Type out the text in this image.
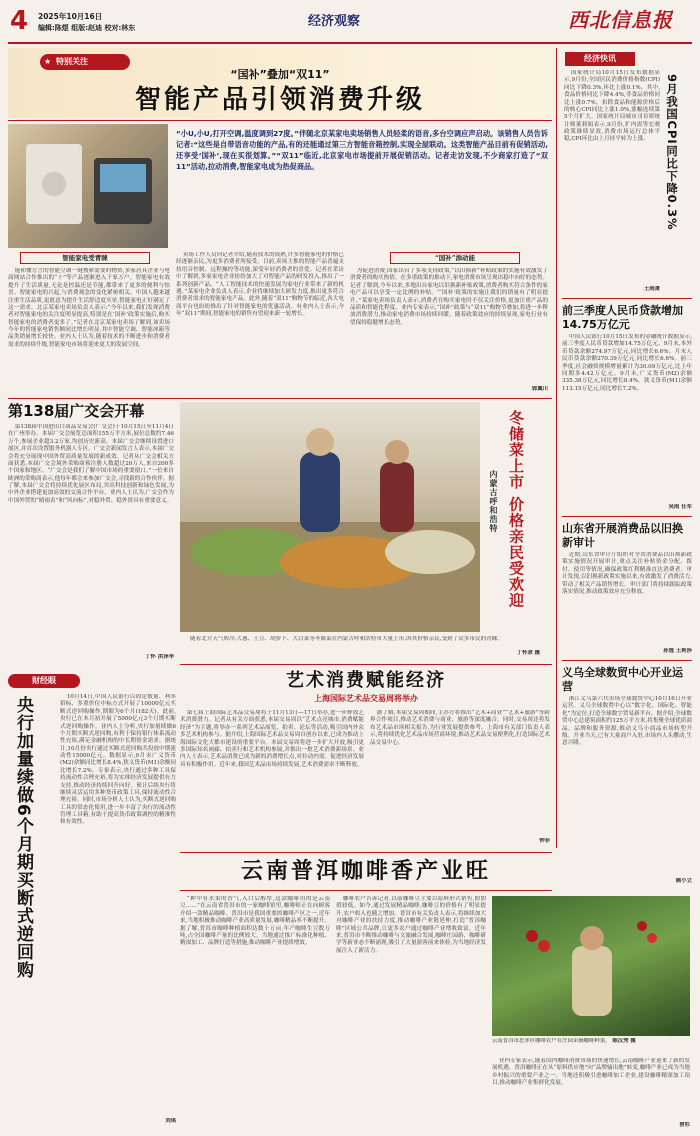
4 2025年10月16日
编辑:陈煜 组版:赵迪 校对:林东	经济观察	西北信息报
★ 特别关注
“国补”叠加“双11”
智能产品引领消费升级
“小U,小U,打开空调,温度调到27度。”伴随北京某家电卖场销售人员轻柔的语音,多台空调应声启动。该销售人员告诉记者:“这些是自带语音功能的产品,有的还能通过第三方智能音箱控制,实现全屋联动。这类智能产品目前有促销活动,还享受‘国补’,现在买很划算。”“双11”临近,北京家电市场提前开展促销活动。记者走访发现,不少商家打造了“双11”活动,拉动消费,智能家电成为热促商品。
智能家电受青睐

能和懂方言的智能空调一键搜索需要的物资,多家居具企业与电商网站合作推出的“十”等产品逐渐进入千家万户。智能家电有效提升了生活质量,无论是控温还是节能,都带来了更多的便利与惊喜。智能家电的兴起,与消费观念的变化紧密相关。中国人越来越注重生活品质,更愿意为提升生活舒适度买单,智能家电正好满足了这一需求。北京某家电卖场负责人表示:“今年以来,我们发现消费者对智能家电的关注度明显提高,特别是在‘国补’政策实施后,购买智能家电的消费者更多了。”记者在北京某家电卖场了解到,该卖场今年的智能家电销售额同比增长明显,其中智能空调、智能冰箱等品类销量增长较快。业内人士认为,随着技术的不断进步和消费者需求的持续升级,智能家电市场将迎来更大的发展空间。

卖场工作人员向记者介绍,随着技术的成熟,许多智能家电的价格已经逐渐亲民,为更多消费者所接受。目前,卖场主推的智能产品普遍支持语音控制、远程操控等功能,深受年轻消费者的喜爱。记者在采访中了解到,多家家电企业纷纷加大了对智能产品的研发投入,推出了一系列创新产品。“人工智能技术的快速发展为家电行业带来了新的机遇。”某家电企业负责人表示,企业将继续加大研发力度,推出更多符合消费者需求的智能家电产品。此外,随着“双11”购物节的临近,各大电商平台也纷纷推出了针对智能家电的优惠活动。有业内人士表示,今年“双11”期间,智能家电的销售有望迎来新一轮增长。

“国补”添动能

为促进消费,国家出台了多项支持政策,“以旧换新”补贴政策的实施有效激发了消费者的购买热情。在多重政策的推动下,家电消费市场呈现出稳中向好的态势。记者了解到,今年以来,多地出台家电以旧换新补贴政策,消费者购买符合条件的家电产品可以享受一定比例的补贴。“‘国补’政策的实施让我们的销量有了明显提升。”某家电卖场负责人表示,消费者在购买家电时不仅关注价格,更加注重产品的品质和智能化程度。业内专家表示,“国补”政策与“双11”购物节叠加,将进一步释放消费潜力,推动家电消费市场持续回暖。随着政策效应的持续显现,家电行业有望保持稳健增长态势。

郭翼川
第138届广交会开幕

第138届中国进出口商品交易会(广交会)于10月15日至11月4日在广州举办。本届广交会展览总面积155万平方米,展位总数约7.46万个,参展企业超3.2万家,均创历史新高。本届广交会继续设置进口展区,并首次设置服务机器人专区。广交会新闻发言人表示,本届广交会将充分展现中国外贸高质量发展的新成效。记者从广交会相关方面获悉,本届广交会境外采购商预注册人数超过20万人,来自200多个国家和地区。“广交会是我们了解中国市场的重要窗口。”一位来自欧洲的采购商表示,他每年都会来参加广交会,寻找新的合作伙伴。据了解,本届广交会将持续优化展区布局,突出科技创新和绿色发展,为中外企业搭建更加高效的交流合作平台。业内人士认为,广交会作为中国外贸的“晴雨表”和“风向标”,对稳外贸、稳外资具有重要意义。

丁怀 洪泽华
冬储菜上市 价格亲民受欢迎
内蒙古呼和浩特
随着北方天气转冷,大葱、土豆、胡萝卜、大白菜等冬储菜在内蒙古呼和浩特市大量上市,因其价格亲民,受到了众多市民的青睐。
丁怀隶 摄
财经眼
央行加量续做6个月期买断式逆回购	10月14日,中国人民银行以固定数量、利率招标、多重价位中标方式开展了10000亿元买断式逆回购操作,期限为6个月(182天)。此前,央行已在本月初开展了5000亿元3个月期买断式逆回购操作。业内人士分析,央行加量续做6个月期买断式逆回购,有利于保持银行体系流动性充裕,满足金融机构的中长期资金需求。据统计,10月份央行通过买断式逆回购共投放中期流动性15000亿元。数据显示,9月末广义货币(M2)余额同比增长8.4%,狭义货币(M1)余额同比增长7.2%。专家表示,央行通过多种工具保持流动性合理充裕,将为实体经济发展提供有力支持,推动经济持续回升向好。预计后续央行将继续灵活运用多种货币政策工具,保持流动性合理充裕。同时,市场分析人士认为,买断式逆回购工具的常态化使用,进一步丰富了央行的流动性管理工具箱,有助于提高货币政策调控的精准性和有效性。

刘琪
艺术消费赋能经济
上海国际艺术品交易周将举办

第七届上海国际艺术品交易周将于11月13日—17日举办,进一步释放艺术消费潜力。记者从有关方面获悉,本届交易周以“艺术点亮城市,消费赋能经济”为主题,将举办一系列艺术品展览、拍卖、论坛等活动,吸引国内外众多艺术机构参与。据介绍,上海国际艺术品交易周自创办以来,已成为推动上海国际文化大都市建设的重要平台。本届交易周将进一步扩大开放,吸引更多国际知名画廊、拍卖行和艺术机构参展,并推出一批艺术消费新场景。业内人士表示,艺术品消费已成为新的消费增长点,对拉动内需、促进经济发展具有积极作用。近年来,我国艺术品市场持续发展,艺术消费需求不断释放。

据了解,本届交易周期间,主办方将推出“艺术+商业”“艺术+旅游”等跨界合作项目,推动艺术消费与商业、旅游等深度融合。同时,交易周还将发布艺术品市场相关报告,为行业发展提供参考。上海市有关部门负责人表示,将持续优化艺术品市场营商环境,推动艺术品交易便利化,打造国际艺术品交易中心。

钟菲
云南普洱咖啡香产业旺

“种中有水果的香气,入口后醇厚,这款咖啡用的是云南豆……”在云南省普洱市的一家咖啡馆里,咖啡师正在向顾客介绍一款精品咖啡。普洱市是我国重要的咖啡产区之一,近年来,当地积极推动咖啡产业高质量发展,咖啡精品率不断提升。据了解,普洱市咖啡种植面积达数十万亩,年产咖啡生豆数万吨,占全国咖啡产量的比例较大。当地通过推广标准化种植、精深加工、品牌打造等措施,推动咖啡产业提质增效。

咖啡农户告诉记者,以前咖啡豆主要以原料形式销售,附加值较低。如今,通过发展精品咖啡,咖啡豆的价格有了明显提升,农户收入也随之增加。普洱市有关负责人表示,将继续加大对咖啡产业的扶持力度,推动咖啡产业链延伸,打造“普洱咖啡”区域公共品牌,让更多农户通过咖啡产业增收致富。近年来,普洱市不断推动咖啡与文旅融合发展,咖啡庄园游、咖啡研学等新业态不断涌现,吸引了大量游客前来体验,为当地经济发展注入了新活力。

云南普洱市思茅区咖啡农户在庄园采摘咖啡鲜果。 陈汉秀 摄

业内专家表示,随着国内咖啡消费市场的快速增长,云南咖啡产业迎来了新的发展机遇。普洱咖啡正在从“原料供应地”向“品牌输出地”转变,咖啡产业已成为当地乡村振兴的重要产业之一。当地还积极引进咖啡加工企业,建设咖啡精深加工项目,推动咖啡产业集群化发展。

曾杉
经济快讯

国家统计局10月15日发布数据显示,9月份,全国居民消费价格指数(CPI)同比下降0.3%,环比上涨0.1%。其中,食品价格同比下降4.4%,非食品价格同比上涨0.7%。扣除食品和能源价格后的核心CPI同比上涨1.0%,涨幅连续第5个月扩大。国家统计局城市司首席统计师董莉娟表示,9月份,扩内需等宏观政策继续显效,消费市场运行总体平稳,CPI环比由上月持平转为上涨。	9月我国CPI同比下降0.3%
王雨萧
前三季度人民币贷款增加14.75万亿元

中国人民银行10月15日发布的金融统计数据显示,前三季度人民币贷款增加14.75万亿元。9月末,本外币贷款余额274.97万亿元,同比增长6.6%。月末人民币贷款余额270.39万亿元,同比增长6.6%。前三季度,社会融资规模增量累计为30.09万亿元,比上年同期多4.42万亿元。9月末,广义货币(M2)余额335.38万亿元,同比增长8.4%。狭义货币(M1)余额113.15万亿元,同比增长7.2%。

吴雨 任军
山东省开展消费品以旧换新审计

近期,山东省审计厅组织对全省消费品以旧换新政策实施情况开展审计,重点关注补贴资金分配、拨付、使用等情况,确保政策红利精准直达消费者。审计发现,以旧换新政策实施以来,有效激发了消费活力,带动了相关产品销售增长。审计部门将持续跟踪政策落实情况,推动政策效应充分释放。

孙逸 王莉莎
义乌全球数贸中心开业运营

浙江义乌第六代市场全球数贸中心10月16日开业运营。义乌全球数贸中心以“数字化、国际化、智能化”为定位,打造全球数字贸易新平台。据介绍,全球数贸中心总建筑面积约125万平方米,将集聚全球优质商品、品牌和服务资源,推动义乌小商品市场转型升级。开业当天,已有大量商户入驻,市场内人头攒动,生意兴隆。

顾小立
